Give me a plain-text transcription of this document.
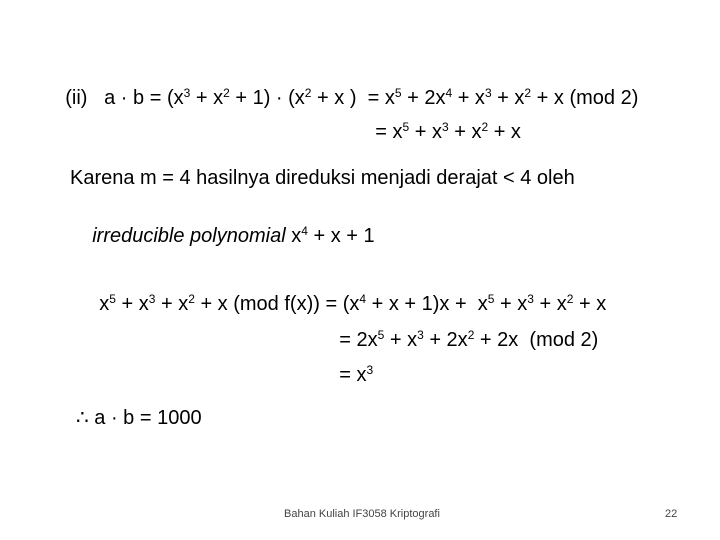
(ii) $a \cdot b = (x^3 + x^2 + 1) \cdot (x^2 + x$ )  = $x^5 + 2x^4 + x^3 + x^2 + x$ (mod 2)

= $x^5 + x^3 + x^2 + x$

Karena m = 4 hasilnya direduksi menjadi derajat < 4 oleh

irreducible polynomial $x^4 + x + 1$

$x^5 + x^3 + x^2 + x$ (mod $f(x)) = (x^4 + x + 1)x + x^5 + x^3 + x^2 + x$

= $2x^5 + x^3 + 2x^2 + 2x$  (mod 2)

= $x^3$

∴ a · b = 1000
Bahan Kuliah IF3058 Kriptografi	22
